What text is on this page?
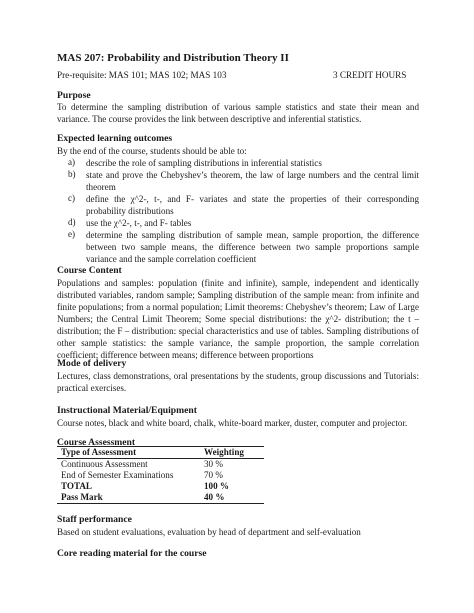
MAS 207: Probability and Distribution Theory II
Pre-requisite: MAS 101; MAS 102; MAS 103	3 CREDIT HOURS
Purpose
To determine the sampling distribution of various sample statistics and state their mean and variance. The course provides the link between descriptive and inferential statistics.
Expected learning outcomes
By the end of the course, students should be able to:
a) describe the role of sampling distributions in inferential statistics
b) state and prove the Chebyshev’s theorem, the law of large numbers and the central limit theorem
c) define the χ^2-, t-, and F- variates and state the properties of their corresponding probability distributions
d) use the χ^2-, t-, and F- tables
e) determine the sampling distribution of sample mean, sample proportion, the difference between two sample means, the difference between two sample proportions sample variance and the sample correlation coefficient
Course Content
Populations and samples: population (finite and infinite), sample, independent and identically distributed variables, random sample; Sampling distribution of the sample mean: from infinite and finite populations; from a normal population; Limit theorems: Chebyshev’s theorem; Law of Large Numbers; the Central Limit Theorem; Some special distributions: the χ^2- distribution; the t – distribution; the F – distribution: special characteristics and use of tables. Sampling distributions of other sample statistics: the sample variance, the sample proportion, the sample correlation coefficient; difference between means; difference between proportions
Mode of delivery
Lectures, class demonstrations, oral presentations by the students, group discussions and Tutorials: practical exercises.
Instructional Material/Equipment
Course notes, black and white board, chalk, white-board marker, duster, computer and projector.
Course Assessment
Type of Assessment	Weighting
Continuous Assessment	30 %
End of Semester Examinations	70 %
TOTAL	100 %
Pass Mark	40 %
Staff performance
Based on student evaluations, evaluation by head of department and self-evaluation
Core reading material for the course
